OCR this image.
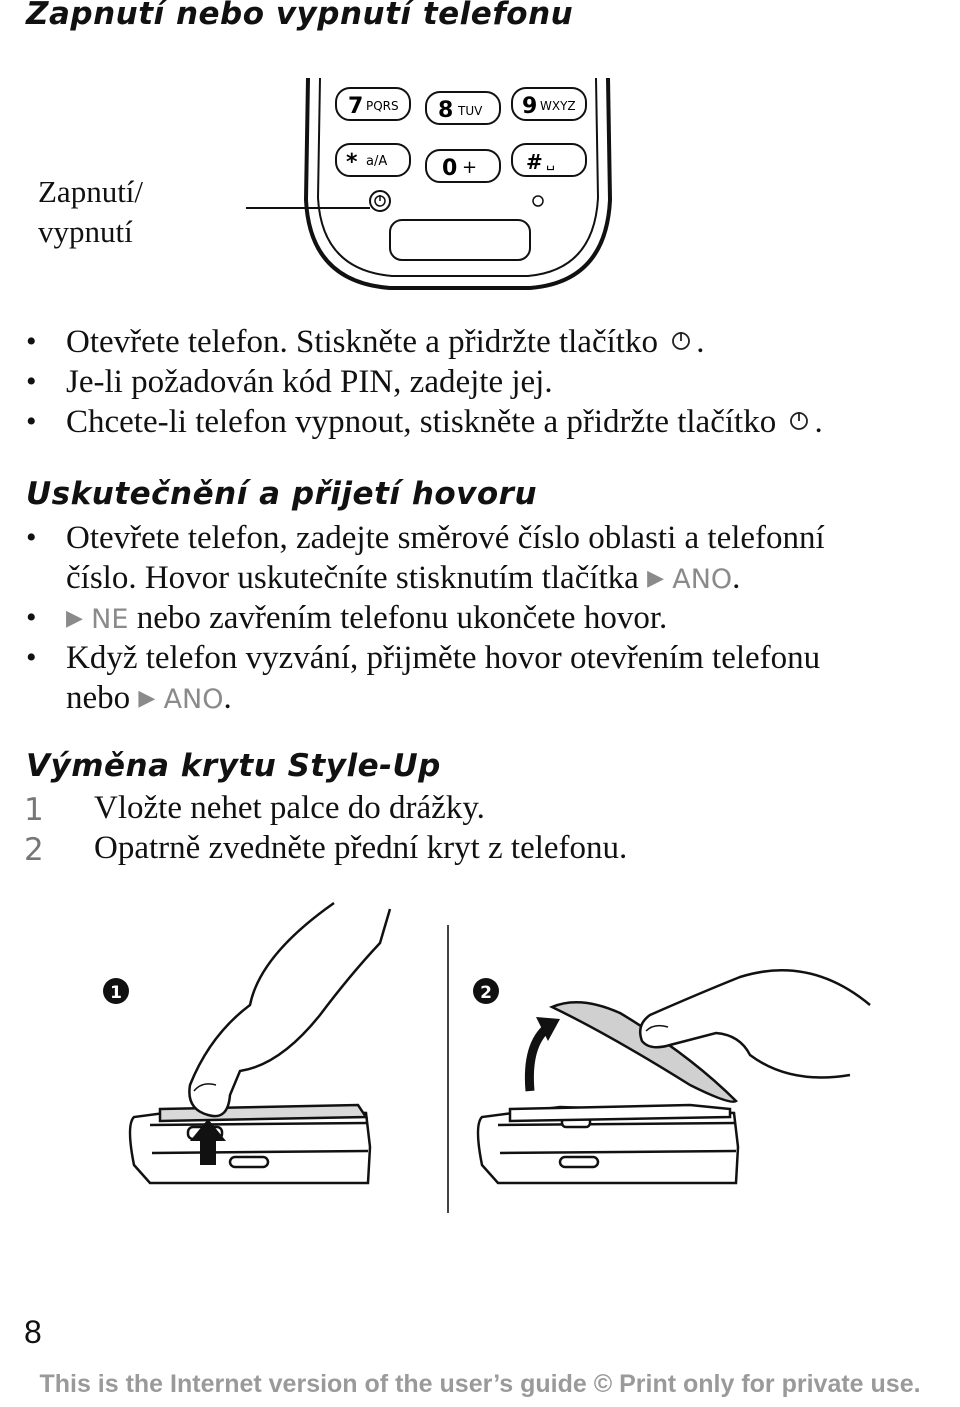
Zapnutí nebo vypnutí telefonu
7 PQRS 8 TUV 9 WXYZ
* a/A 0 + # ␣
Zapnutí/
vypnutí
• Otevřete telefon. Stiskněte a přidržte tlačítko .
• Je-li požadován kód PIN, zadejte jej.
• Chcete-li telefon vypnout, stiskněte a přidržte tlačítko .
Uskutečnění a přijetí hovoru
• Otevřete telefon, zadejte směrové číslo oblasti a telefonní
číslo. Hovor uskutečníte stisknutím tlačítka ▶ ANO.
• ▶ NE nebo zavřením telefonu ukončete hovor.
• Když telefon vyzvání, přijměte hovor otevřením telefonu
nebo ▶ ANO.
Výměna krytu Style-Up
1 Vložte nehet palce do drážky.
2 Opatrně zvedněte přední kryt z telefonu.
1	2
8
This is the Internet version of the user’s guide © Print only for private use.
